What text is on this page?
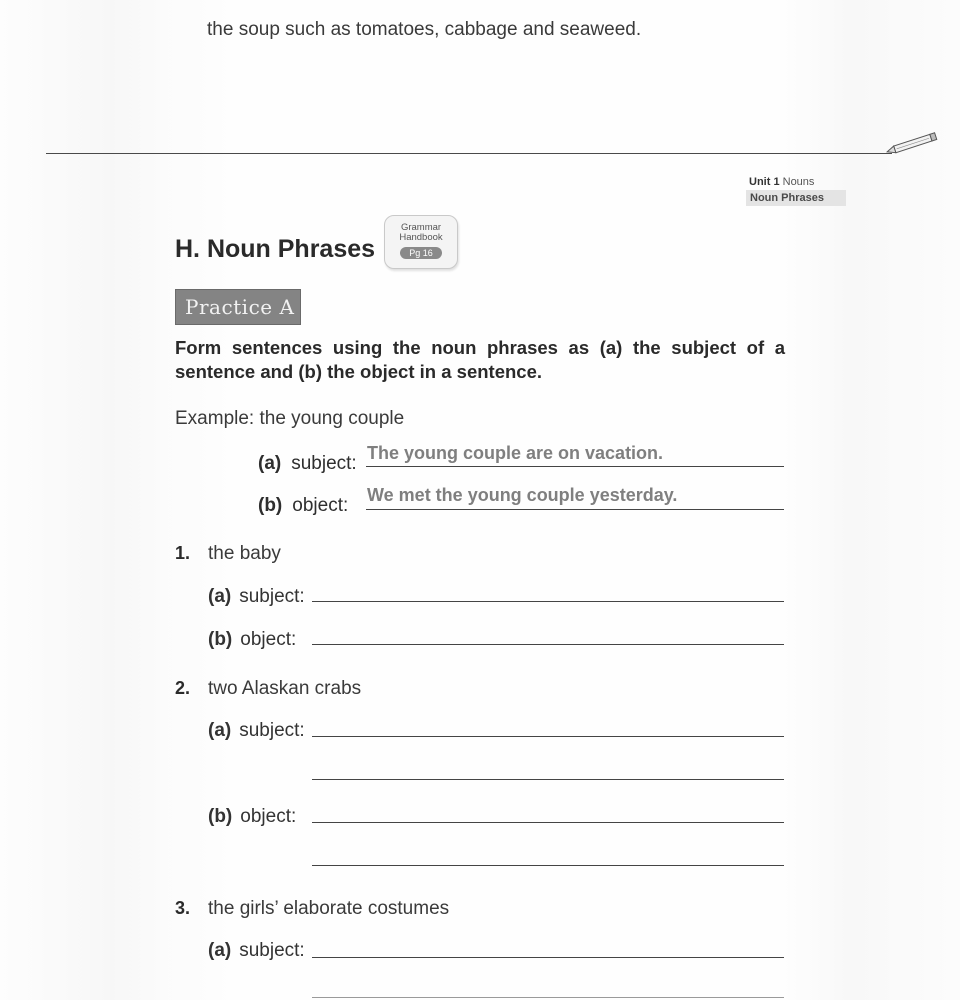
the soup such as tomatoes, cabbage and seaweed.
Unit 1 Nouns
Noun Phrases
H. Noun Phrases
Grammar
Handbook
Pg 16
Practice A
Form sentences using the noun phrases as (a) the subject of a sentence and (b) the object in a sentence.
Example: the young couple
(a) subject: The young couple are on vacation.
(b) object: We met the young couple yesterday.
1. the baby
(a) subject:
(b) object:
2. two Alaskan crabs
(a) subject:
(b) object:
3. the girls’ elaborate costumes
(a) subject:
